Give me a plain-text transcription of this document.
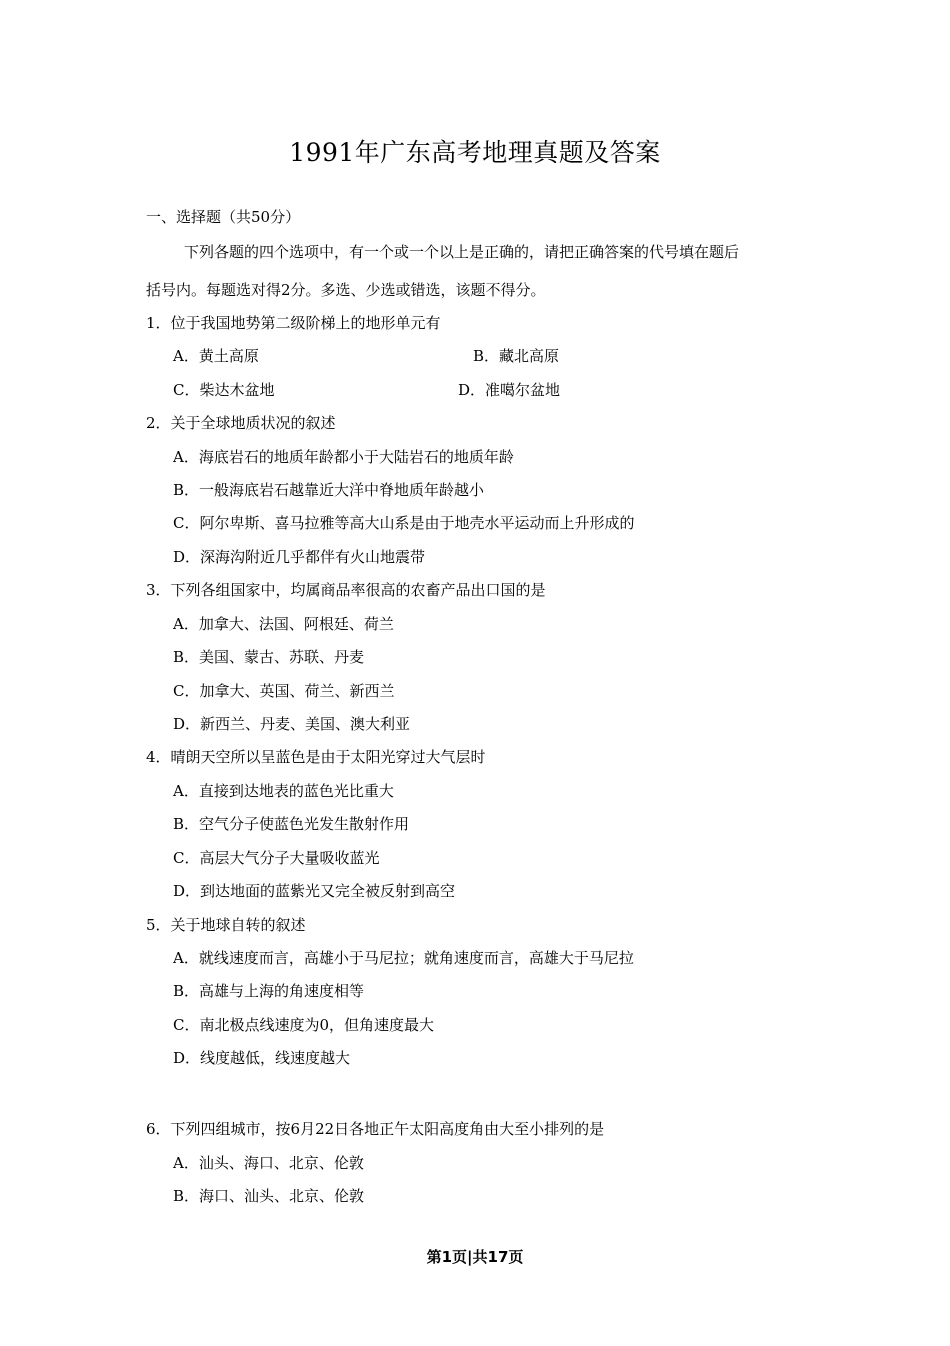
1991年广东高考地理真题及答案
一、选择题（共50分）
下列各题的四个选项中，有一个或一个以上是正确的，请把正确答案的代号填在题后
括号内。每题选对得2分。多选、少选或错选，该题不得分。
1．位于我国地势第二级阶梯上的地形单元有
A．黄土高原	B．藏北高原
C．柴达木盆地	D．准噶尔盆地
2．关于全球地质状况的叙述
A．海底岩石的地质年龄都小于大陆岩石的地质年龄
B．一般海底岩石越靠近大洋中脊地质年龄越小
C．阿尔卑斯、喜马拉雅等高大山系是由于地壳水平运动而上升形成的
D．深海沟附近几乎都伴有火山地震带
3．下列各组国家中，均属商品率很高的农畜产品出口国的是
A．加拿大、法国、阿根廷、荷兰
B．美国、蒙古、苏联、丹麦
C．加拿大、英国、荷兰、新西兰
D．新西兰、丹麦、美国、澳大利亚
4．晴朗天空所以呈蓝色是由于太阳光穿过大气层时
A．直接到达地表的蓝色光比重大
B．空气分子使蓝色光发生散射作用
C．高层大气分子大量吸收蓝光
D．到达地面的蓝紫光又完全被反射到高空
5．关于地球自转的叙述
A．就线速度而言，高雄小于马尼拉；就角速度而言，高雄大于马尼拉
B．高雄与上海的角速度相等
C．南北极点线速度为0，但角速度最大
D．线度越低，线速度越大
6．下列四组城市，按6月22日各地正午太阳高度角由大至小排列的是
A．汕头、海口、北京、伦敦
B．海口、汕头、北京、伦敦
第1页|共17页
